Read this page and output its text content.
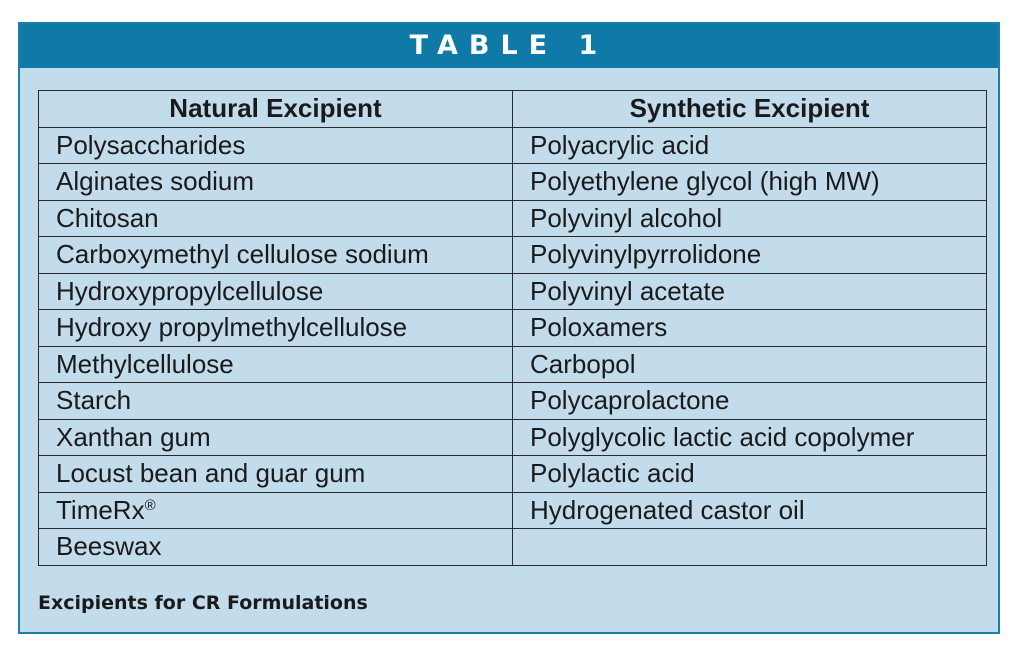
TABLE 1
Natural Excipient	Synthetic Excipient
Polysaccharides	Polyacrylic acid
Alginates sodium	Polyethylene glycol (high MW)
Chitosan	Polyvinyl alcohol
Carboxymethyl cellulose sodium	Polyvinylpyrrolidone
Hydroxypropylcellulose	Polyvinyl acetate
Hydroxy propylmethylcellulose	Poloxamers
Methylcellulose	Carbopol
Starch	Polycaprolactone
Xanthan gum	Polyglycolic lactic acid copolymer
Locust bean and guar gum	Polylactic acid
TimeRx®	Hydrogenated castor oil
Beeswax	
Excipients for CR Formulations
